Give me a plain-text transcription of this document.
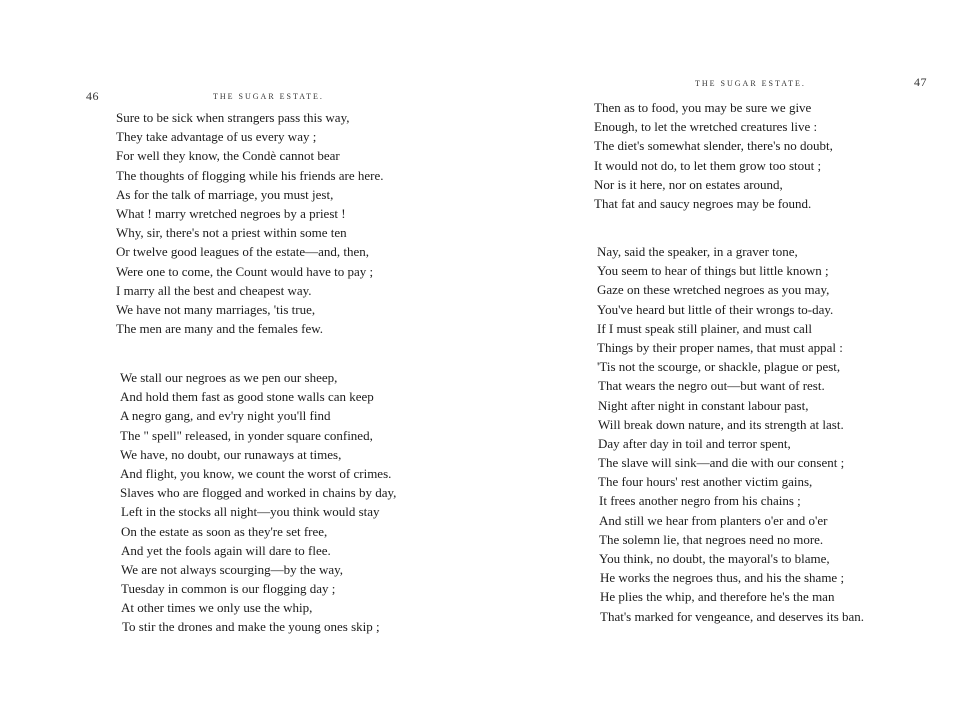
46	THE SUGAR ESTATE.
Sure to be sick when strangers pass this way,
They take advantage of us every way ;
For well they know, the Condè cannot bear
The thoughts of flogging while his friends are here.
As for the talk of marriage, you must jest,
What ! marry wretched negroes by a priest !
Why, sir, there's not a priest within some ten
Or twelve good leagues of the estate—and, then,
Were one to come, the Count would have to pay ;
I marry all the best and cheapest way.
We have not many marriages, 'tis true,
The men are many and the females few.
We stall our negroes as we pen our sheep,
And hold them fast as good stone walls can keep
A negro gang, and ev'ry night you'll find
The " spell" released, in yonder square confined,
We have, no doubt, our runaways at times,
And flight, you know, we count the worst of crimes.
Slaves who are flogged and worked in chains by day,
Left in the stocks all night—you think would stay
On the estate as soon as they're set free,
And yet the fools again will dare to flee.
We are not always scourging—by the way,
Tuesday in common is our flogging day ;
At other times we only use the whip,
To stir the drones and make the young ones skip ;
47
THE SUGAR ESTATE.
Then as to food, you may be sure we give
Enough, to let the wretched creatures live :
The diet's somewhat slender, there's no doubt,
It would not do, to let them grow too stout ;
Nor is it here, nor on estates around,
That fat and saucy negroes may be found.
Nay, said the speaker, in a graver tone,
You seem to hear of things but little known ;
Gaze on these wretched negroes as you may,
You've heard but little of their wrongs to-day.
If I must speak still plainer, and must call
Things by their proper names, that must appal :
'Tis not the scourge, or shackle, plague or pest,
That wears the negro out—but want of rest.
Night after night in constant labour past,
Will break down nature, and its strength at last.
Day after day in toil and terror spent,
The slave will sink—and die with our consent ;
The four hours' rest another victim gains,
It frees another negro from his chains ;
And still we hear from planters o'er and o'er
The solemn lie, that negroes need no more.
You think, no doubt, the mayoral's to blame,
He works the negroes thus, and his the shame ;
He plies the whip, and therefore he's the man
That's marked for vengeance, and deserves its ban.
